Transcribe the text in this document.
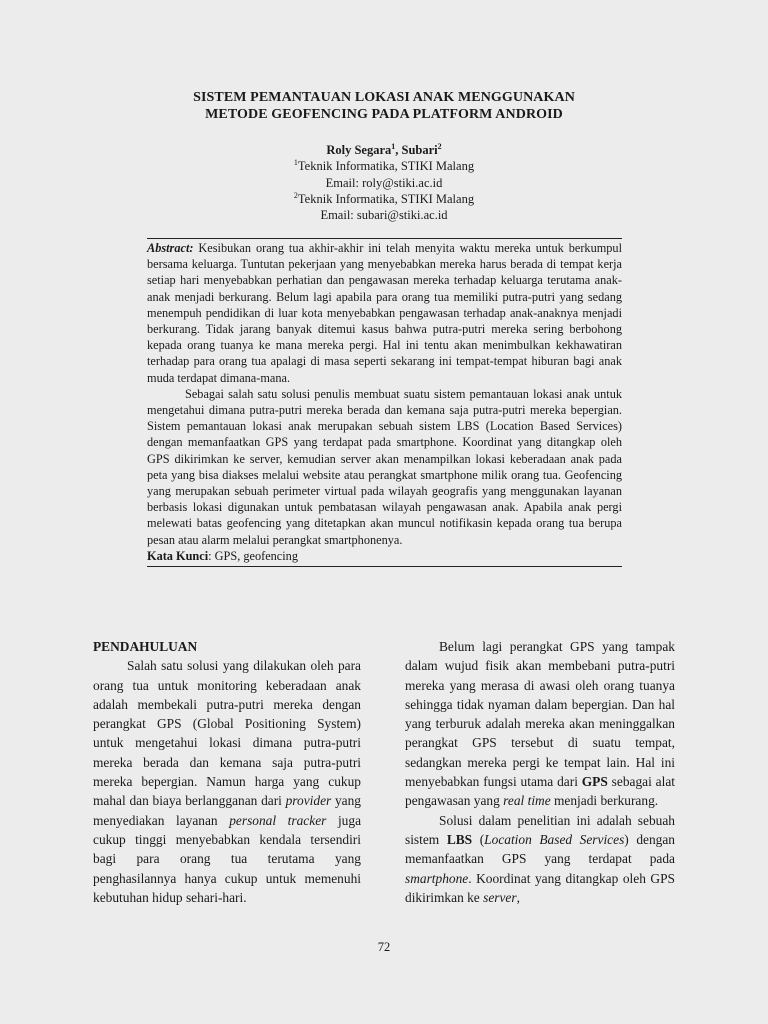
SISTEM PEMANTAUAN LOKASI ANAK MENGGUNAKAN
METODE GEOFENCING PADA PLATFORM ANDROID
Roly Segara$^1$, Subari$^2$
$^1$Teknik Informatika, STIKI Malang
Email: roly@stiki.ac.id
$^2$Teknik Informatika, STIKI Malang
Email: subari@stiki.ac.id

Abstract: Kesibukan orang tua akhir-akhir ini telah menyita waktu mereka untuk berkumpul bersama keluarga. Tuntutan pekerjaan yang menyebabkan mereka harus berada di tempat kerja setiap hari menyebabkan perhatian dan pengawasan mereka terhadap keluarga terutama anak-anak menjadi berkurang. Belum lagi apabila para orang tua memiliki putra-putri yang sedang menempuh pendidikan di luar kota menyebabkan pengawasan terhadap anak-anaknya menjadi berkurang. Tidak jarang banyak ditemui kasus bahwa putra-putri mereka sering berbohong kepada orang tuanya ke mana mereka pergi. Hal ini tentu akan menimbulkan kekhawatiran terhadap para orang tua apalagi di masa seperti sekarang ini tempat-tempat hiburan bagi anak muda terdapat dimana-mana.

Sebagai salah satu solusi penulis membuat suatu sistem pemantauan lokasi anak untuk mengetahui dimana putra-putri mereka berada dan kemana saja putra-putri mereka bepergian. Sistem pemantauan lokasi anak merupakan sebuah sistem LBS (Location Based Services) dengan memanfaatkan GPS yang terdapat pada smartphone. Koordinat yang ditangkap oleh GPS dikirimkan ke server, kemudian server akan menampilkan lokasi keberadaan anak pada peta yang bisa diakses melalui website atau perangkat smartphone milik orang tua. Geofencing yang merupakan sebuah perimeter virtual pada wilayah geografis yang menggunakan layanan berbasis lokasi digunakan untuk pembatasan wilayah pengawasan anak. Apabila anak pergi melewati batas geofencing yang ditetapkan akan muncul notifikasin kepada orang tua berupa pesan atau alarm melalui perangkat smartphonenya.

Kata Kunci: GPS, geofencing

PENDAHULUAN

Salah satu solusi yang dilakukan oleh para orang tua untuk monitoring keberadaan anak adalah membekali putra-putri mereka dengan perangkat GPS (Global Positioning System) untuk mengetahui lokasi dimana putra-putri mereka berada dan kemana saja putra-putri mereka bepergian. Namun harga yang cukup mahal dan biaya berlangganan dari provider yang menyediakan layanan personal tracker juga cukup tinggi menyebabkan kendala tersendiri bagi para orang tua terutama yang penghasilannya hanya cukup untuk memenuhi kebutuhan hidup sehari-hari.

Belum lagi perangkat GPS yang tampak dalam wujud fisik akan membebani putra-putri mereka yang merasa di awasi oleh orang tuanya sehingga tidak nyaman dalam bepergian. Dan hal yang terburuk adalah mereka akan meninggalkan perangkat GPS tersebut di suatu tempat, sedangkan mereka pergi ke tempat lain. Hal ini menyebabkan fungsi utama dari GPS sebagai alat pengawasan yang real time menjadi berkurang.

Solusi dalam penelitian ini adalah sebuah sistem LBS (Location Based Services) dengan memanfaatkan GPS yang terdapat pada smartphone. Koordinat yang ditangkap oleh GPS dikirimkan ke server,

72
